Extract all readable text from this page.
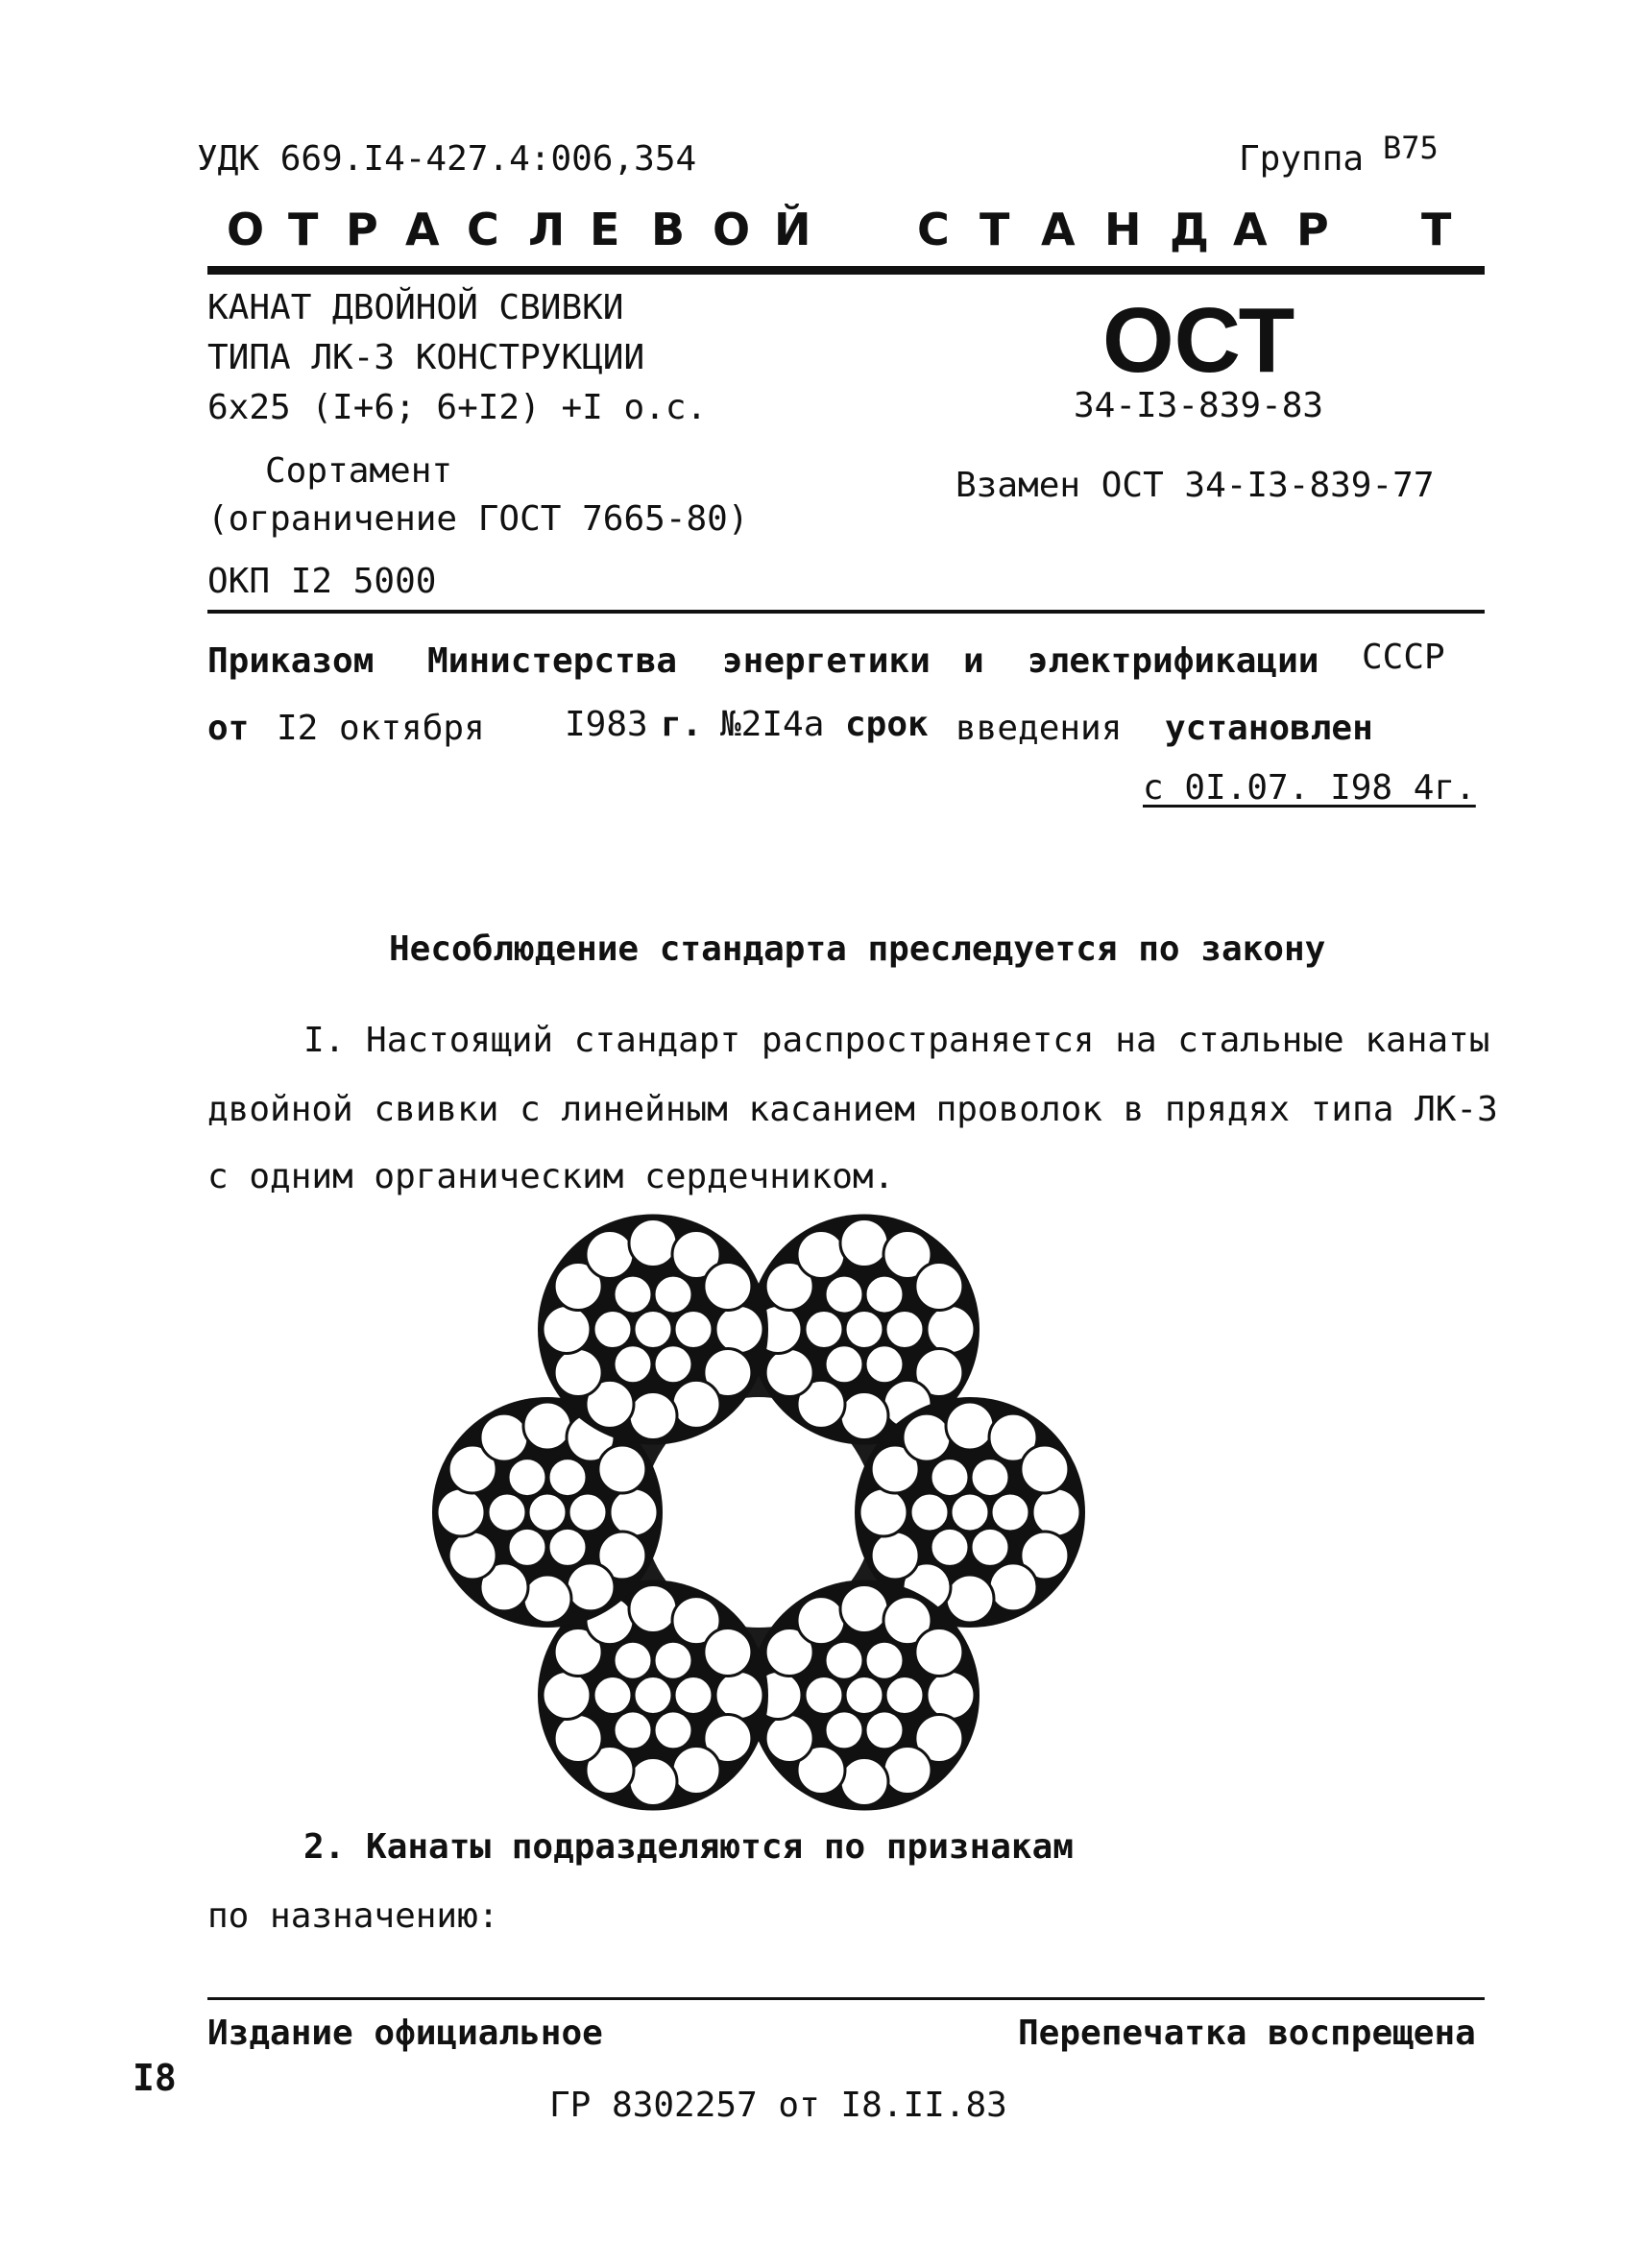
УДК 669.I4-427.4:006,354	Группа В75
О Т Р А С Л Е В О Й С Т А Н Д А Р Т
КАНАТ ДВОЙНОЙ СВИВКИ
ТИПА ЛК-3 КОНСТРУКЦИИ
6х25 (I+6; 6+I2) +I о.с.
Сортамент
(ограничение ГОСТ 7665-80)
ОКП I2 5000
ОСТ
34-I3-839-83
Взамен ОСТ 34-I3-839-77
Приказом Министерства энергетики и электрификации СССР
от I2 октября I983 г. №2I4а срок введения установлен
с 0I.07. I98 4г.
Несоблюдение стандарта преследуется по закону
I. Настоящий стандарт распространяется на стальные канаты
двойной свивки с линейным касанием проволок в прядях типа ЛК-3
с одним органическим сердечником.
2. Канаты подразделяются по признакам
по назначению:
Издание официальное	Перепечатка воспрещена
I8
ГР 8302257 от I8.II.83
